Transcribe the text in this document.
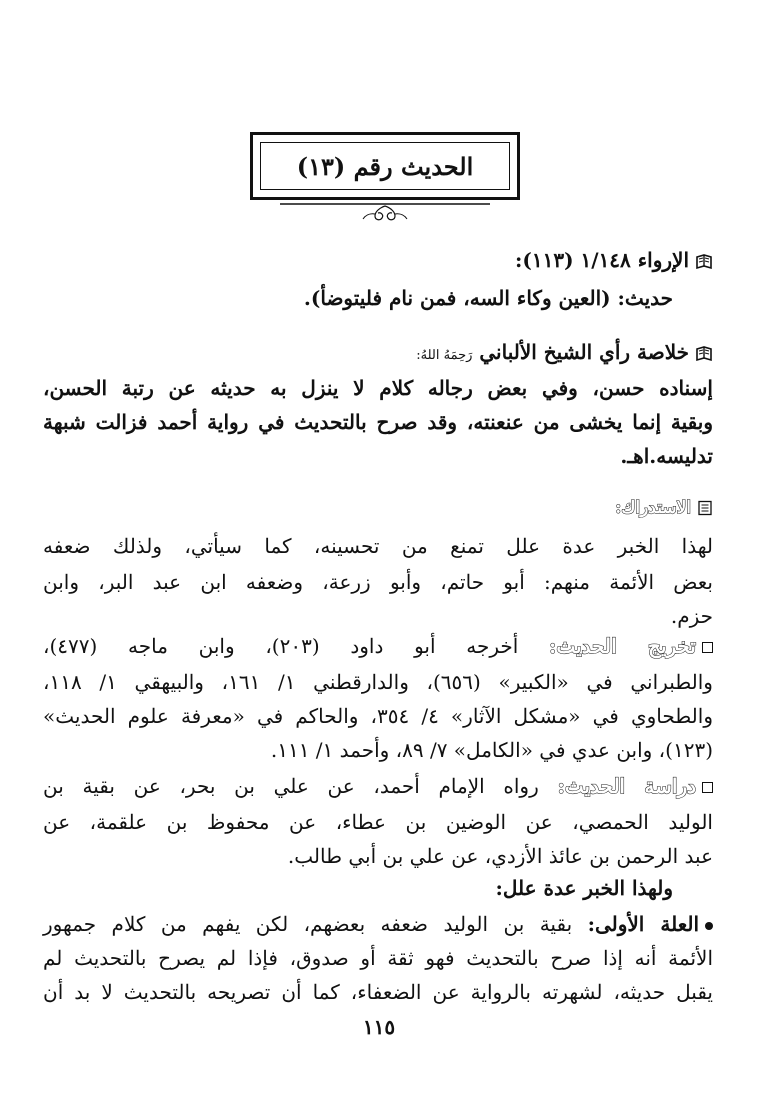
الحديث رقم (١٣)
الإرواء ١/١٤٨ (١١٣):
حديث: (العين وكاء السه، فمن نام فليتوضأ).
خلاصة رأي الشيخ الألباني رَحِمَهُ اللهُ:
إسناده حسن، وفي بعض رجاله كلام لا ينزل به حديثه عن رتبة الحسن،
وبقية إنما يخشى من عنعنته، وقد صرح بالتحديث في رواية أحمد فزالت شبهة
تدليسه.اهـ.
الاستدراك:
لهذا الخبر عدة علل تمنع من تحسينه، كما سيأتي، ولذلك ضعفه
بعض الأئمة منهم: أبو حاتم، وأبو زرعة، وضعفه ابن عبد البر، وابن
حزم.
تخريج الحديث: أخرجه أبو داود (٢٠٣)، وابن ماجه (٤٧٧)،
والطبراني في «الكبير» (٦٥٦)، والدارقطني ١/ ١٦١، والبيهقي ١/ ١١٨،
والطحاوي في «مشكل الآثار» ٤/ ٣٥٤، والحاكم في «معرفة علوم الحديث»
(١٢٣)، وابن عدي في «الكامل» ٧/ ٨٩، وأحمد ١/ ١١١.
دراسة الحديث: رواه الإمام أحمد، عن علي بن بحر، عن بقية بن
الوليد الحمصي، عن الوضين بن عطاء، عن محفوظ بن علقمة، عن
عبد الرحمن بن عائذ الأزدي، عن علي بن أبي طالب.
ولهذا الخبر عدة علل:
العلة الأولى: بقية بن الوليد ضعفه بعضهم، لكن يفهم من كلام جمهور
الأئمة أنه إذا صرح بالتحديث فهو ثقة أو صدوق، فإذا لم يصرح بالتحديث لم
يقبل حديثه، لشهرته بالرواية عن الضعفاء، كما أن تصريحه بالتحديث لا بد أن
١١٥
